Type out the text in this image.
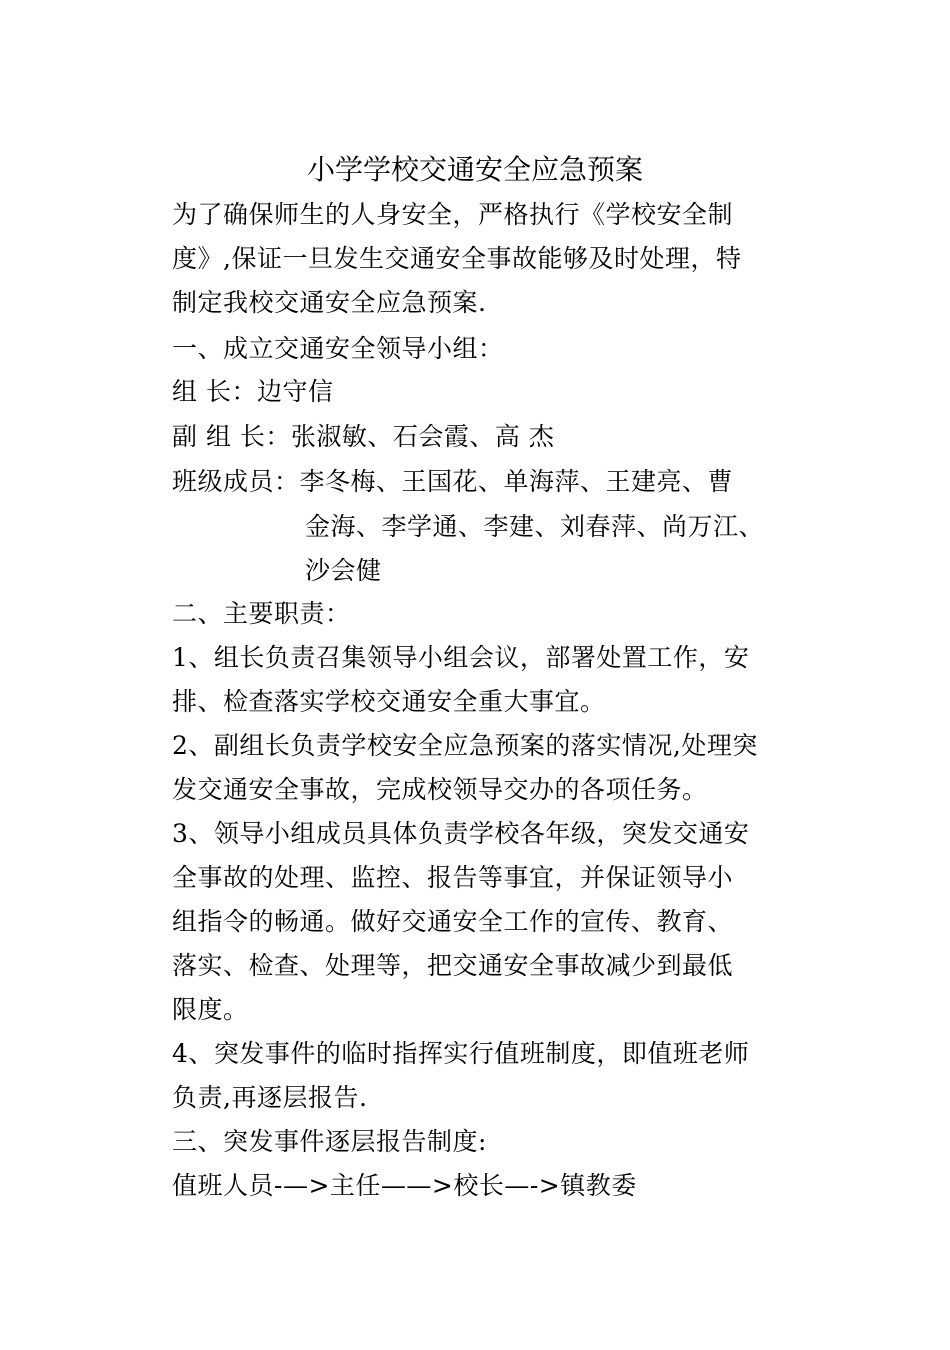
小学学校交通安全应急预案
为了确保师生的人身安全，严格执行《学校安全制
度》,保证一旦发生交通安全事故能够及时处理，特
制定我校交通安全应急预案.
一、成立交通安全领导小组：
组 长：边守信
副 组 长：张淑敏、石会霞、高 杰
班级成员：李冬梅、王国花、单海萍、王建亮、曹
金海、李学通、李建、刘春萍、尚万江、
沙会健
二、主要职责：
1、组长负责召集领导小组会议，部署处置工作，安
排、检查落实学校交通安全重大事宜。
2、副组长负责学校安全应急预案的落实情况,处理突
发交通安全事故，完成校领导交办的各项任务。
3、领导小组成员具体负责学校各年级，突发交通安
全事故的处理、监控、报告等事宜，并保证领导小
组指令的畅通。做好交通安全工作的宣传、教育、
落实、检查、处理等，把交通安全事故减少到最低
限度。
4、突发事件的临时指挥实行值班制度，即值班老师
负责,再逐层报告.
三、突发事件逐层报告制度:
值班人员-—>主任——>校长—->镇教委
